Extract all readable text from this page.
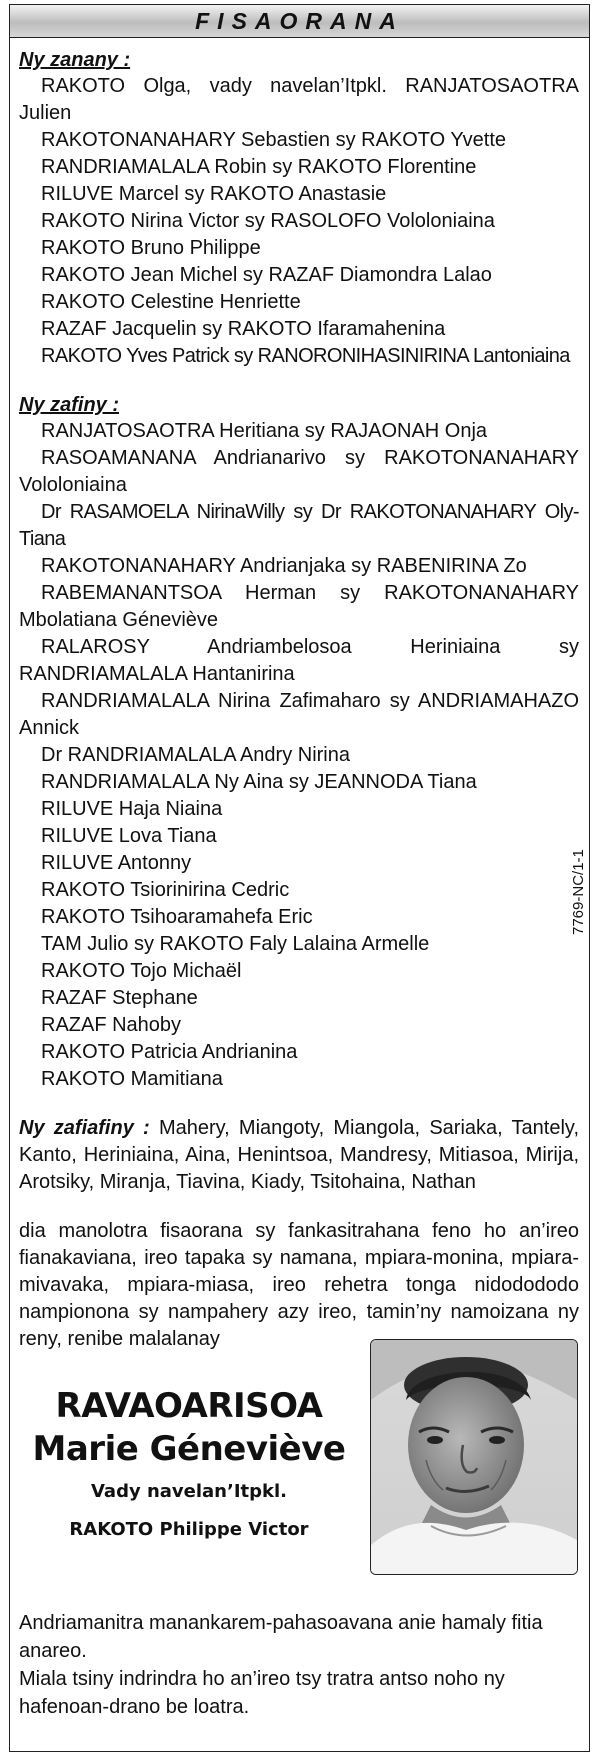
FISAORANA
Ny zanany :
RAKOTO Olga, vady navelan’Itpkl. RANJATOSAOTRA Julien
RAKOTONANAHARY Sebastien sy RAKOTO Yvette
RANDRIAMALALA Robin sy RAKOTO Florentine
RILUVE Marcel sy RAKOTO Anastasie
RAKOTO Nirina Victor sy RASOLOFO Vololoniaina
RAKOTO Bruno Philippe
RAKOTO Jean Michel sy RAZAF Diamondra Lalao
RAKOTO Celestine Henriette
RAZAF Jacquelin sy RAKOTO Ifaramahenina
RAKOTO Yves Patrick sy RANORONIHASINIRINA Lantoniaina
Ny zafiny :
RANJATOSAOTRA Heritiana sy RAJAONAH Onja
RASOAMANANA Andrianarivo sy RAKOTONANAHARY Vololoniaina
Dr RASAMOELA NirinaWilly sy Dr RAKOTONANAHARY Oly-Tiana
RAKOTONANAHARY Andrianjaka sy RABENIRINA Zo
RABEMANANTSOA Herman sy RAKOTONANAHARY Mbolatiana Géneviève
RALAROSY Andriambelosoa Heriniaina sy RANDRIAMALALA Hantanirina
RANDRIAMALALA Nirina Zafimaharo sy ANDRIAMAHAZO Annick
Dr RANDRIAMALALA Andry Nirina
RANDRIAMALALA Ny Aina sy JEANNODA Tiana
RILUVE Haja Niaina
RILUVE Lova Tiana
RILUVE Antonny
RAKOTO Tsiorinirina Cedric
RAKOTO Tsihoaramahefa Eric
TAM Julio sy RAKOTO Faly Lalaina Armelle
RAKOTO Tojo Michaël
RAZAF Stephane
RAZAF Nahoby
RAKOTO Patricia Andrianina
RAKOTO Mamitiana

Ny zafiafiny : Mahery, Miangoty, Miangola, Sariaka, Tantely, Kanto, Heriniaina, Aina, Henintsoa, Mandresy, Mitiasoa, Mirija, Arotsiky, Miranja, Tiavina, Kiady, Tsitohaina, Nathan

dia manolotra fisaorana sy fankasitrahana feno ho an’ireo fianakaviana, ireo tapaka sy namana, mpiara-monina, mpiara-mivavaka, mpiara-miasa, ireo rehetra tonga nidodododo nampionona sy nampahery azy ireo, tamin’ny namoizana ny reny, renibe malalanay

7769-NC/1-1
RAVAOARISOA
Marie Géneviève
Vady navelan’Itpkl.
RAKOTO Philippe Victor
Andriamanitra manankarem-pahasoavana anie hamaly fitia anareo.
Miala tsiny indrindra ho an’ireo tsy tratra antso noho ny hafenoan-drano be loatra.
